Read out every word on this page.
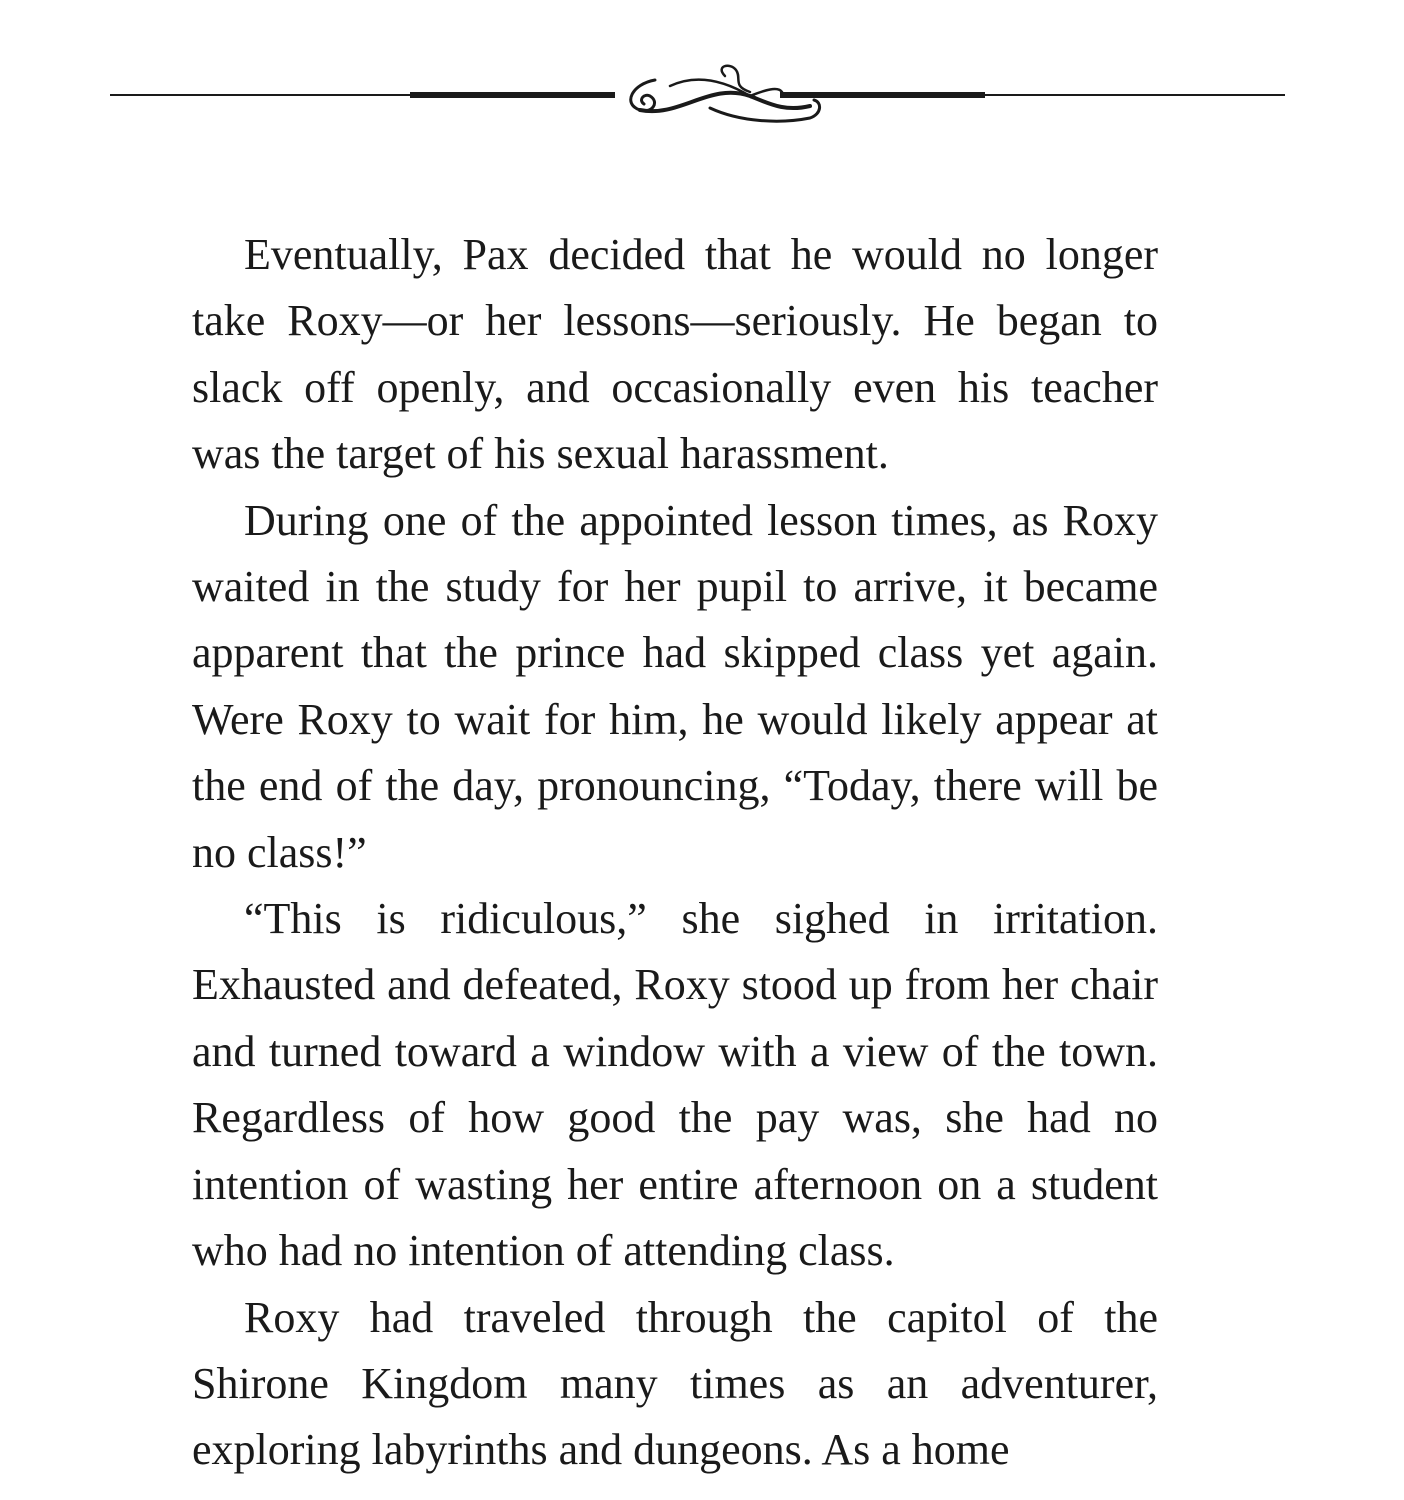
Eventually, Pax decided that he would no longer take Roxy—or her lessons—seriously. He began to slack off openly, and occasionally even his teacher was the target of his sexual harassment.

During one of the appointed lesson times, as Roxy waited in the study for her pupil to arrive, it became apparent that the prince had skipped class yet again. Were Roxy to wait for him, he would likely appear at the end of the day, pronouncing, “Today, there will be no class!”

“This is ridiculous,” she sighed in irritation. Exhausted and defeated, Roxy stood up from her chair and turned toward a window with a view of the town. Regardless of how good the pay was, she had no intention of wasting her entire afternoon on a student who had no intention of attending class.

Roxy had traveled through the capitol of the Shirone Kingdom many times as an adventurer, exploring labyrinths and dungeons. As a home
